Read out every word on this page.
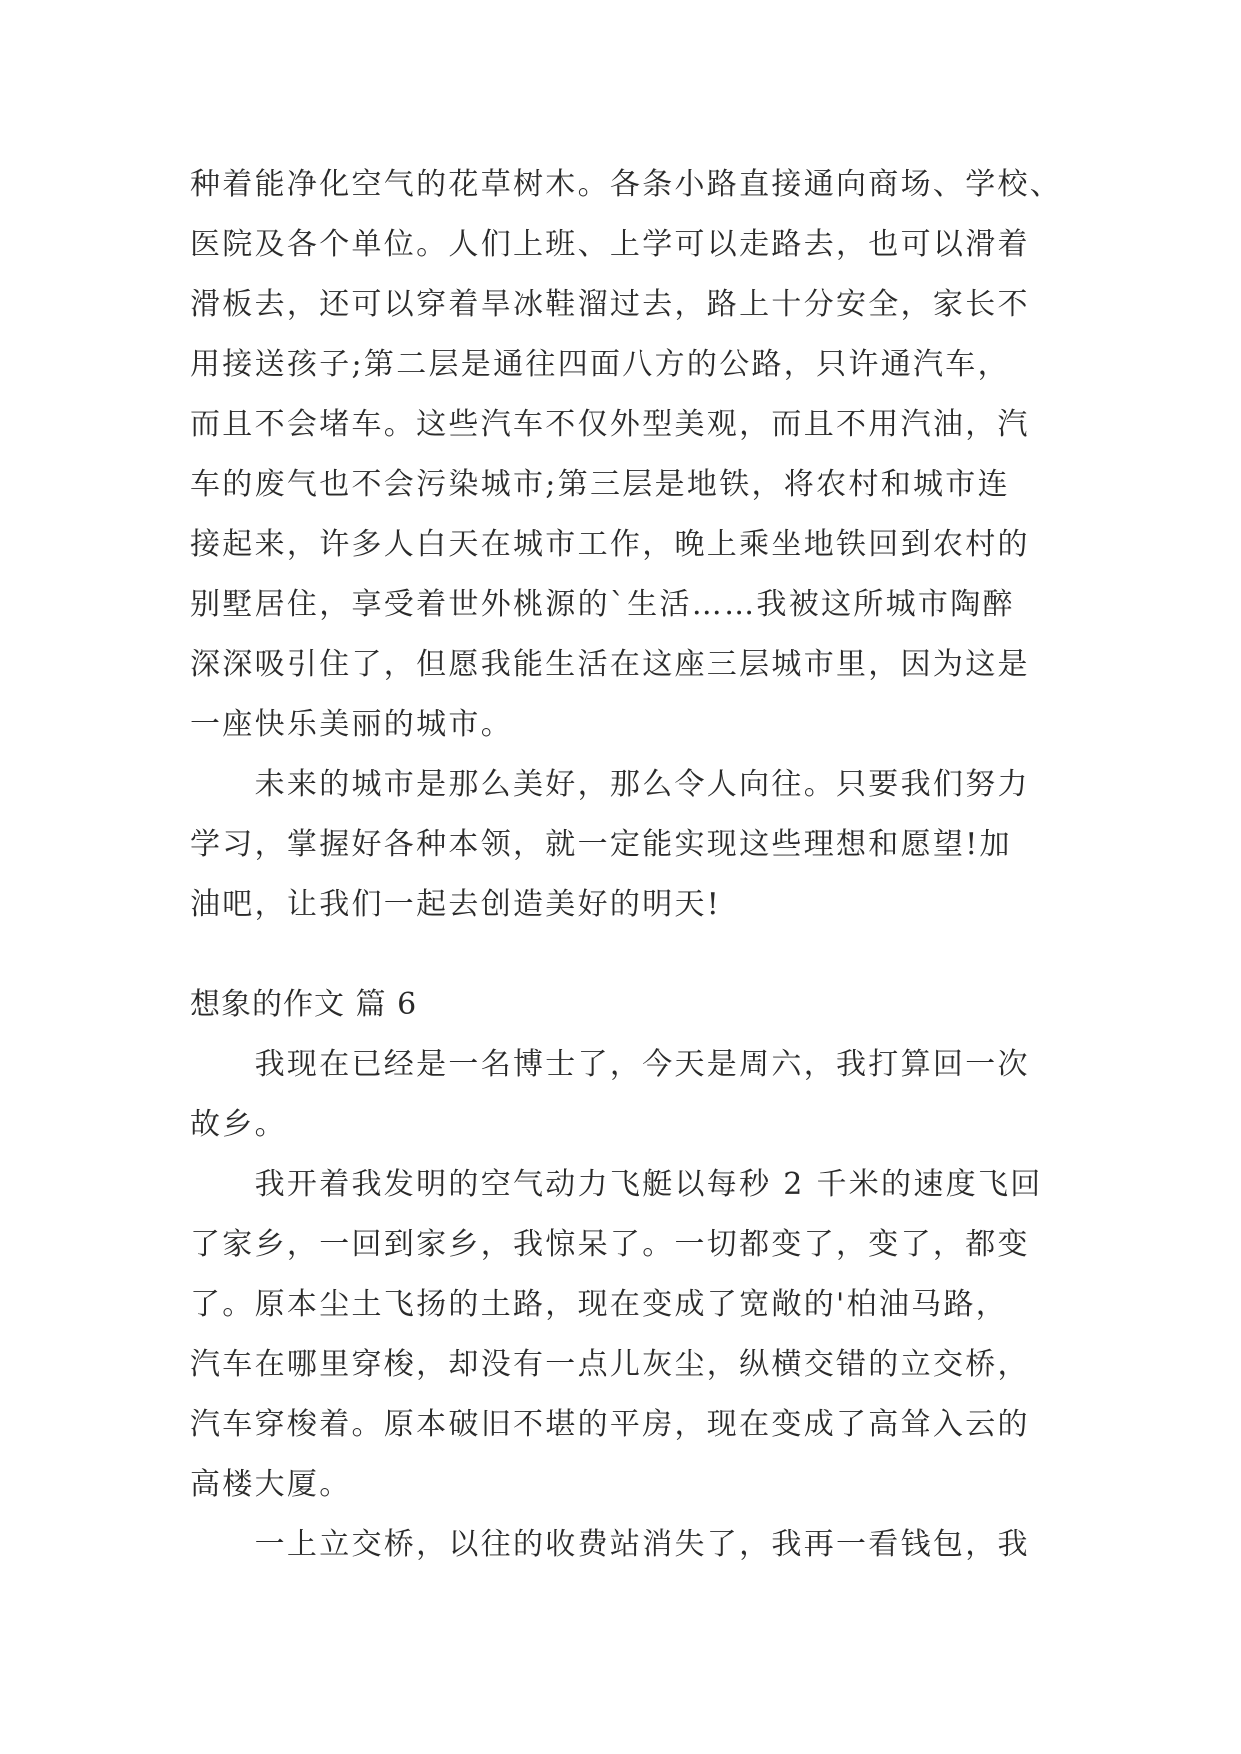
种着能净化空气的花草树木。各条小路直接通向商场、学校、
医院及各个单位。人们上班、上学可以走路去，也可以滑着
滑板去，还可以穿着旱冰鞋溜过去，路上十分安全，家长不
用接送孩子;第二层是通往四面八方的公路，只许通汽车，
而且不会堵车。这些汽车不仅外型美观，而且不用汽油，汽
车的废气也不会污染城市;第三层是地铁，将农村和城市连
接起来，许多人白天在城市工作，晚上乘坐地铁回到农村的
别墅居住，享受着世外桃源的`生活……我被这所城市陶醉
深深吸引住了，但愿我能生活在这座三层城市里，因为这是
一座快乐美丽的城市。
　　未来的城市是那么美好，那么令人向往。只要我们努力
学习，掌握好各种本领，就一定能实现这些理想和愿望!加
油吧，让我们一起去创造美好的明天!
想象的作文 篇 6
　　我现在已经是一名博士了，今天是周六，我打算回一次
故乡。
　　我开着我发明的空气动力飞艇以每秒 2 千米的速度飞回
了家乡，一回到家乡，我惊呆了。一切都变了，变了，都变
了。原本尘土飞扬的土路，现在变成了宽敞的'柏油马路，
汽车在哪里穿梭，却没有一点儿灰尘，纵横交错的立交桥，
汽车穿梭着。原本破旧不堪的平房，现在变成了高耸入云的
高楼大厦。
　　一上立交桥，以往的收费站消失了，我再一看钱包，我
